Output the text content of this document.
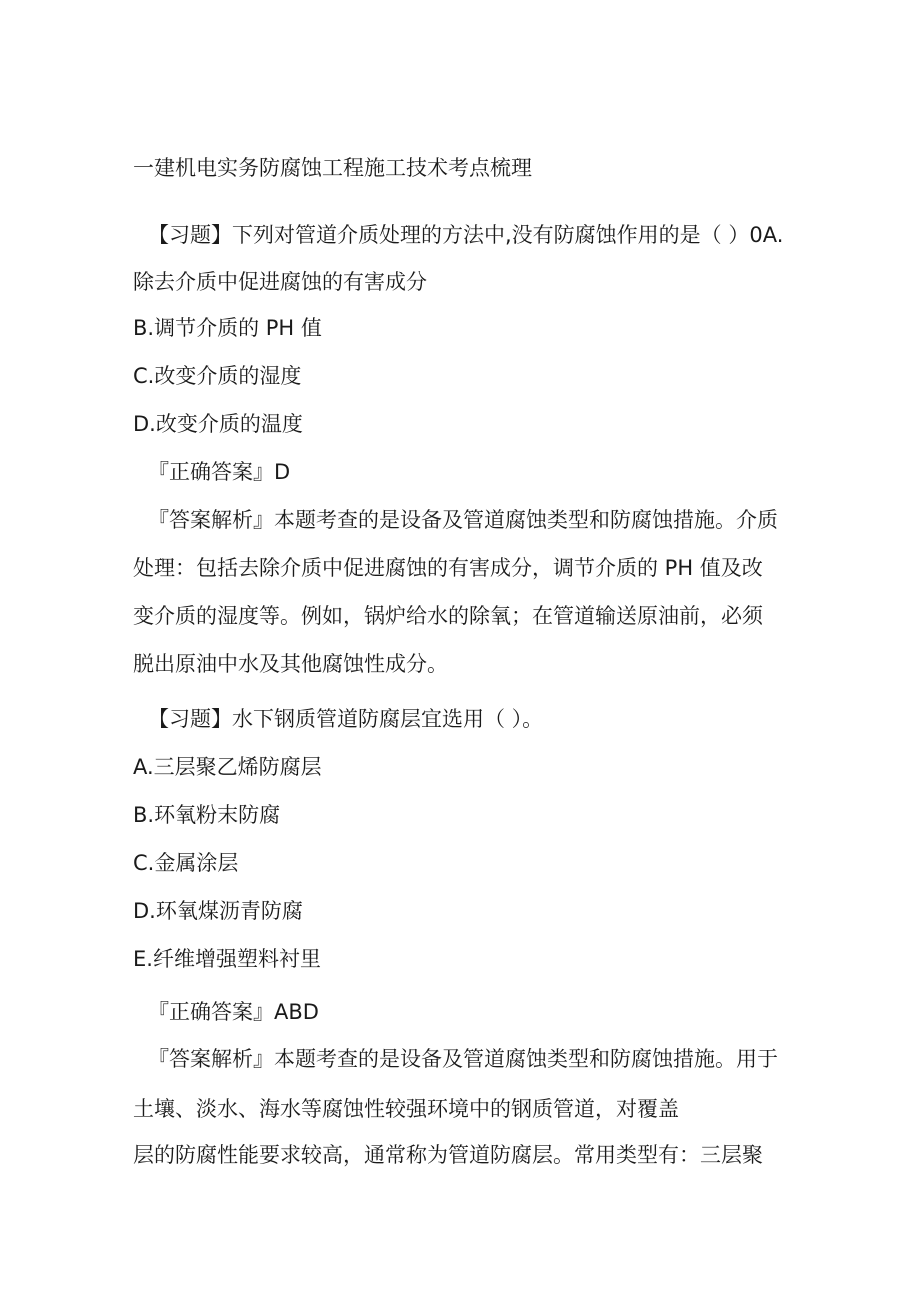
一建机电实务防腐蚀工程施工技术考点梳理
【习题】下列对管道介质处理的方法中,没有防腐蚀作用的是（ ）0A.
除去介质中促进腐蚀的有害成分
B.调节介质的 PH 值
C.改变介质的湿度
D.改变介质的温度
『正确答案』D
『答案解析』本题考查的是设备及管道腐蚀类型和防腐蚀措施。介质
处理：包括去除介质中促进腐蚀的有害成分，调节介质的 PH 值及改
变介质的湿度等。例如，锅炉给水的除氧；在管道输送原油前，必须
脱出原油中水及其他腐蚀性成分。
【习题】水下钢质管道防腐层宜选用（ ）。
A.三层聚乙烯防腐层
B.环氧粉末防腐
C.金属涂层
D.环氧煤沥青防腐
E.纤维增强塑料衬里
『正确答案』ABD
『答案解析』本题考查的是设备及管道腐蚀类型和防腐蚀措施。用于
土壤、淡水、海水等腐蚀性较强环境中的钢质管道，对覆盖
层的防腐性能要求较高，通常称为管道防腐层。常用类型有：三层聚
